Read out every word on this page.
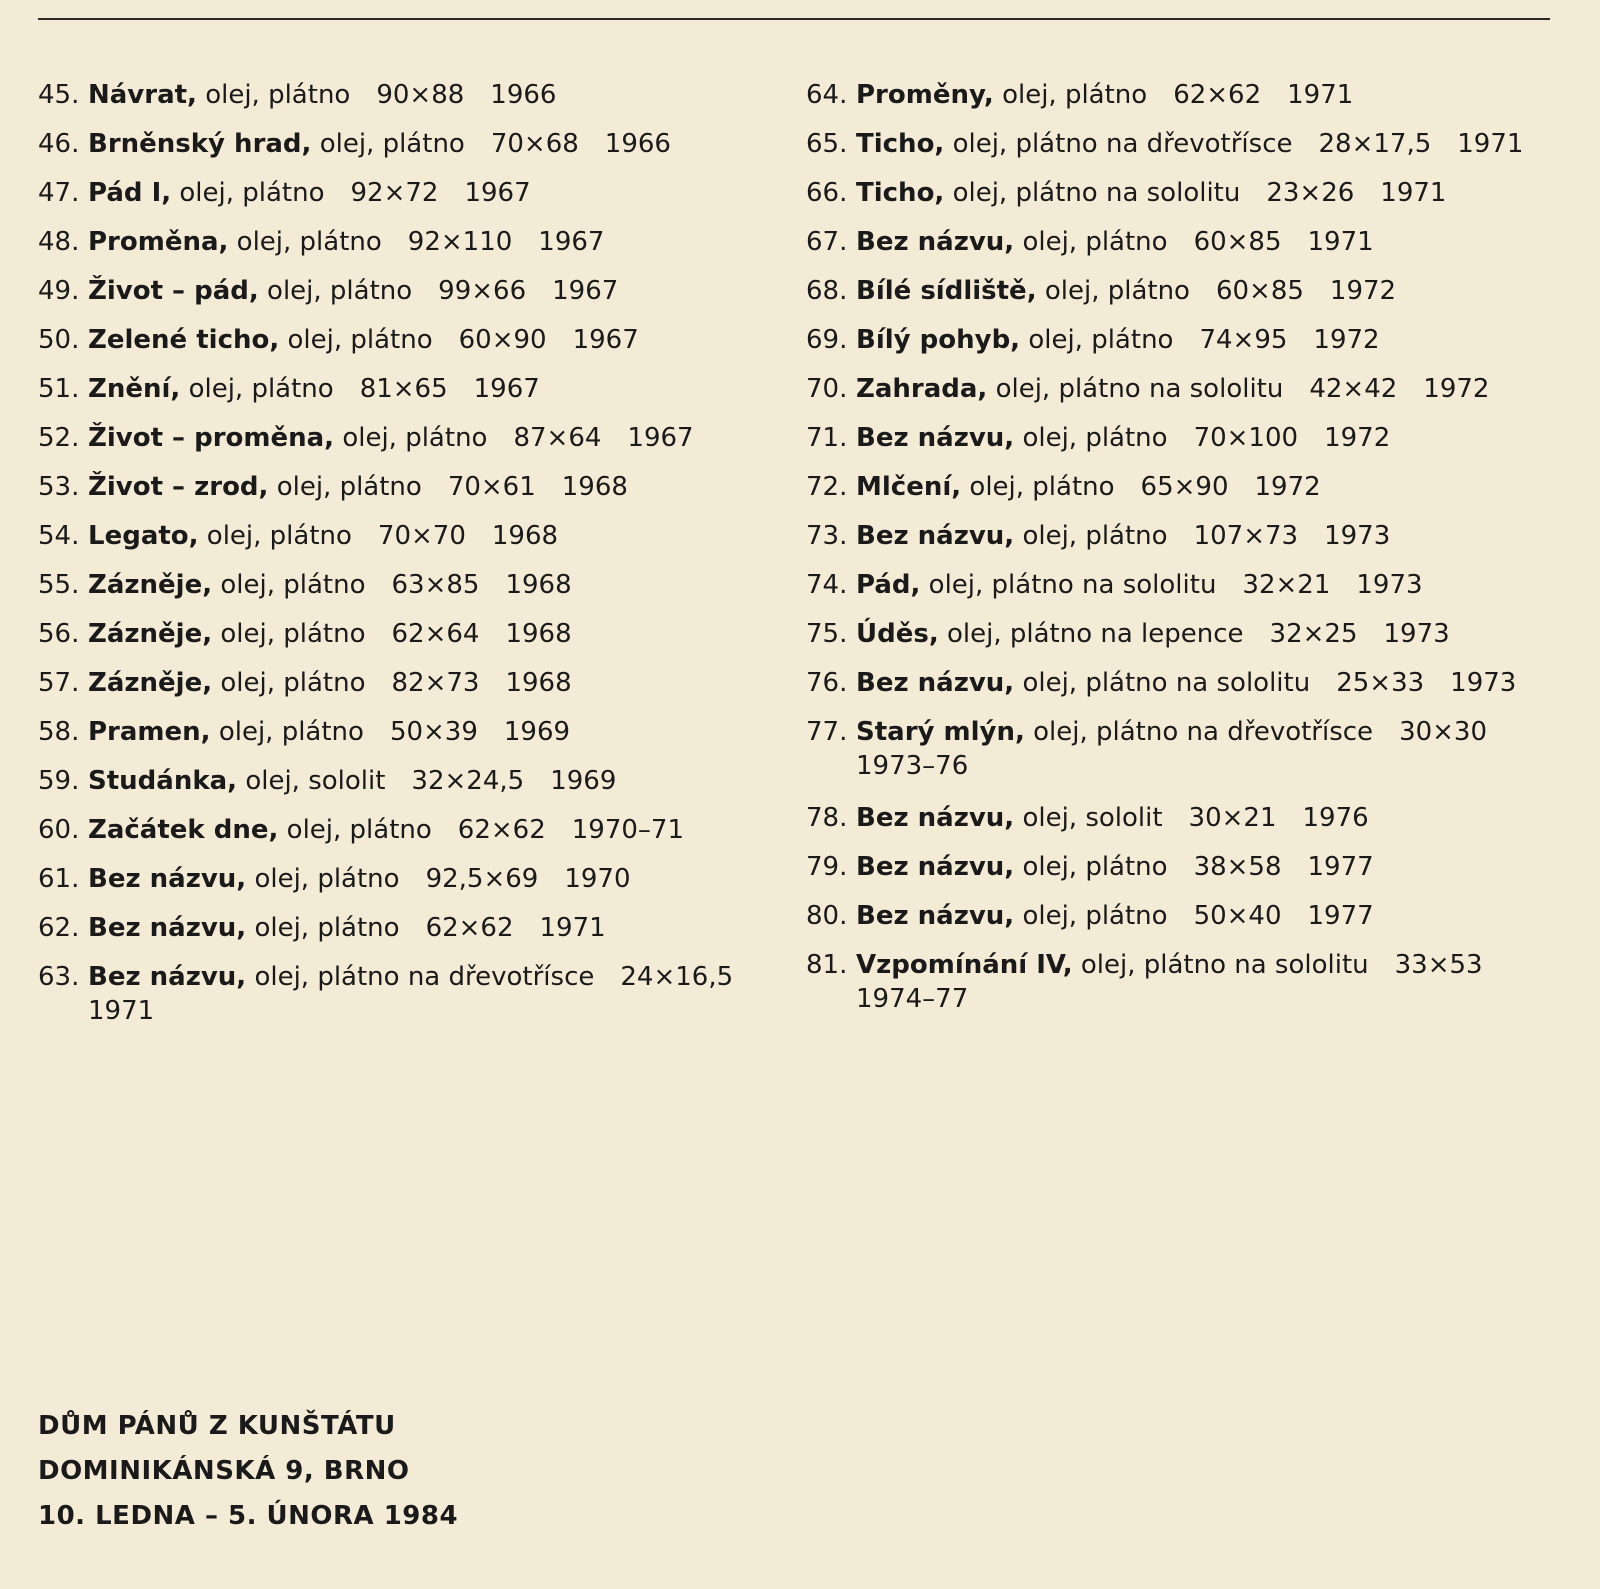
45. Návrat, olej, plátno 90×88 1966
46. Brněnský hrad, olej, plátno 70×68 1966
47. Pád I, olej, plátno 92×72 1967
48. Proměna, olej, plátno 92×110 1967
49. Život – pád, olej, plátno 99×66 1967
50. Zelené ticho, olej, plátno 60×90 1967
51. Znění, olej, plátno 81×65 1967
52. Život – proměna, olej, plátno 87×64 1967
53. Život – zrod, olej, plátno 70×61 1968
54. Legato, olej, plátno 70×70 1968
55. Zázněje, olej, plátno 63×85 1968
56. Zázněje, olej, plátno 62×64 1968
57. Zázněje, olej, plátno 82×73 1968
58. Pramen, olej, plátno 50×39 1969
59. Studánka, olej, sololit 32×24,5 1969
60. Začátek dne, olej, plátno 62×62 1970–71
61. Bez názvu, olej, plátno 92,5×69 1970
62. Bez názvu, olej, plátno 62×62 1971
63. Bez názvu, olej, plátno na dřevotřísce 24×16,51971
64. Proměny, olej, plátno 62×62 1971
65. Ticho, olej, plátno na dřevotřísce 28×17,5 1971
66. Ticho, olej, plátno na sololitu 23×26 1971
67. Bez názvu, olej, plátno 60×85 1971
68. Bílé sídliště, olej, plátno 60×85 1972
69. Bílý pohyb, olej, plátno 74×95 1972
70. Zahrada, olej, plátno na sololitu 42×42 1972
71. Bez názvu, olej, plátno 70×100 1972
72. Mlčení, olej, plátno 65×90 1972
73. Bez názvu, olej, plátno 107×73 1973
74. Pád, olej, plátno na sololitu 32×21 1973
75. Úděs, olej, plátno na lepence 32×25 1973
76. Bez názvu, olej, plátno na sololitu 25×33 1973
77. Starý mlýn, olej, plátno na dřevotřísce 30×301973–76
78. Bez názvu, olej, sololit 30×21 1976
79. Bez názvu, olej, plátno 38×58 1977
80. Bez názvu, olej, plátno 50×40 1977
81. Vzpomínání IV, olej, plátno na sololitu 33×531974–77
DŮM PÁNŮ Z KUNŠTÁTU
DOMINIKÁNSKÁ 9, BRNO
10. LEDNA – 5. ÚNORA 1984
